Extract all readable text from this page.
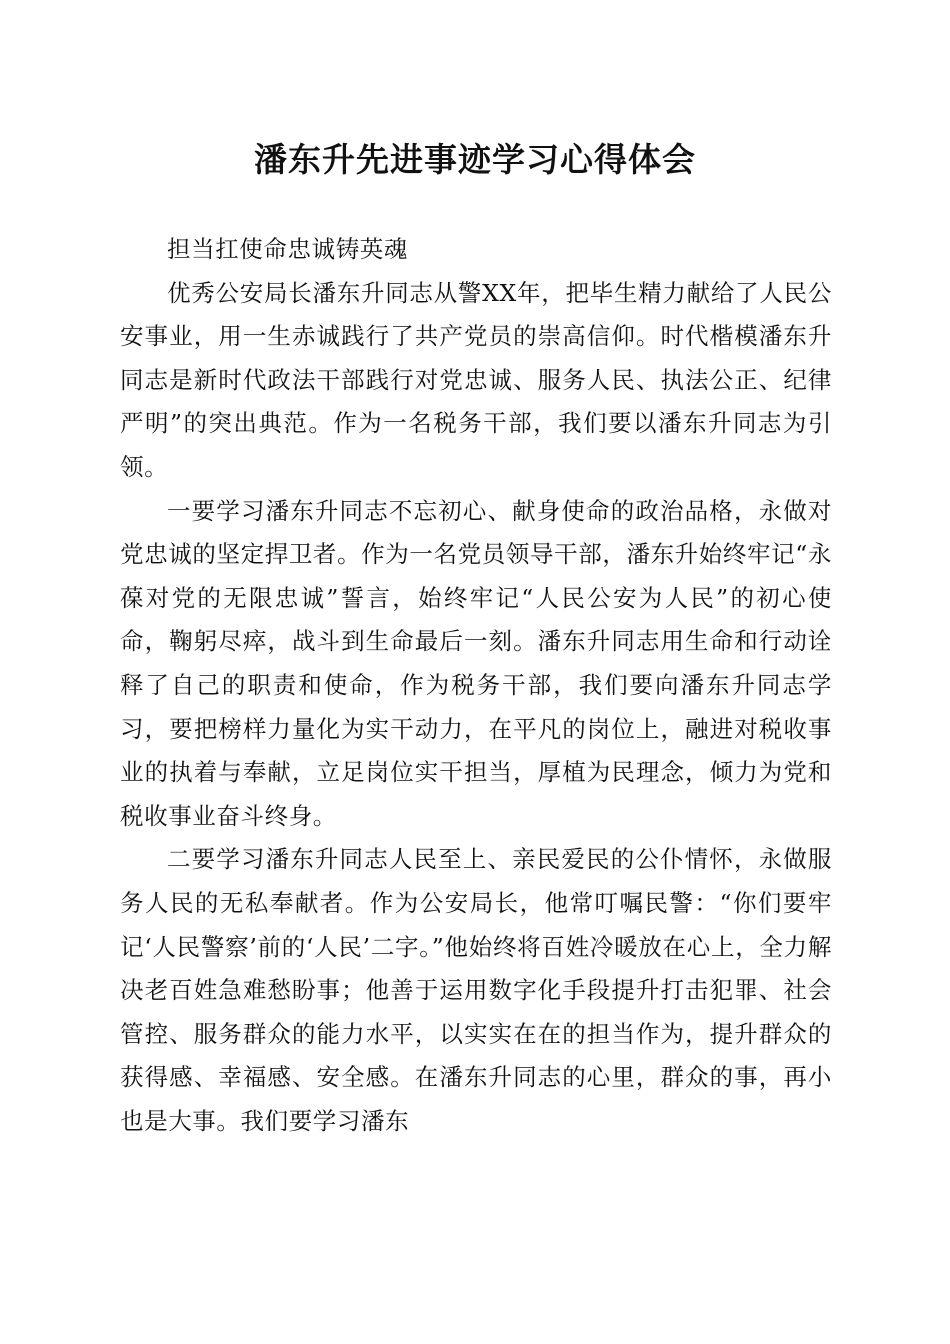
潘东升先进事迹学习心得体会

担当扛使命忠诚铸英魂

优秀公安局长潘东升同志从警XX年，把毕生精力献给了人民公安事业，用一生赤诚践行了共产党员的崇高信仰。时代楷模潘东升同志是新时代政法干部践行对党忠诚、服务人民、执法公正、纪律严明”的突出典范。作为一名税务干部，我们要以潘东升同志为引领。

一要学习潘东升同志不忘初心、献身使命的政治品格，永做对党忠诚的坚定捍卫者。作为一名党员领导干部，潘东升始终牢记“永葆对党的无限忠诚”誓言，始终牢记“人民公安为人民”的初心使命，鞠躬尽瘁，战斗到生命最后一刻。潘东升同志用生命和行动诠释了自己的职责和使命，作为税务干部，我们要向潘东升同志学习，要把榜样力量化为实干动力，在平凡的岗位上，融进对税收事业的执着与奉献，立足岗位实干担当，厚植为民理念，倾力为党和税收事业奋斗终身。

二要学习潘东升同志人民至上、亲民爱民的公仆情怀，永做服务人民的无私奉献者。作为公安局长，他常叮嘱民警：“你们要牢记‘人民警察’前的‘人民’二字。”他始终将百姓冷暖放在心上，全力解决老百姓急难愁盼事；他善于运用数字化手段提升打击犯罪、社会管控、服务群众的能力水平，以实实在在的担当作为，提升群众的获得感、幸福感、安全感。在潘东升同志的心里，群众的事，再小也是大事。我们要学习潘东
